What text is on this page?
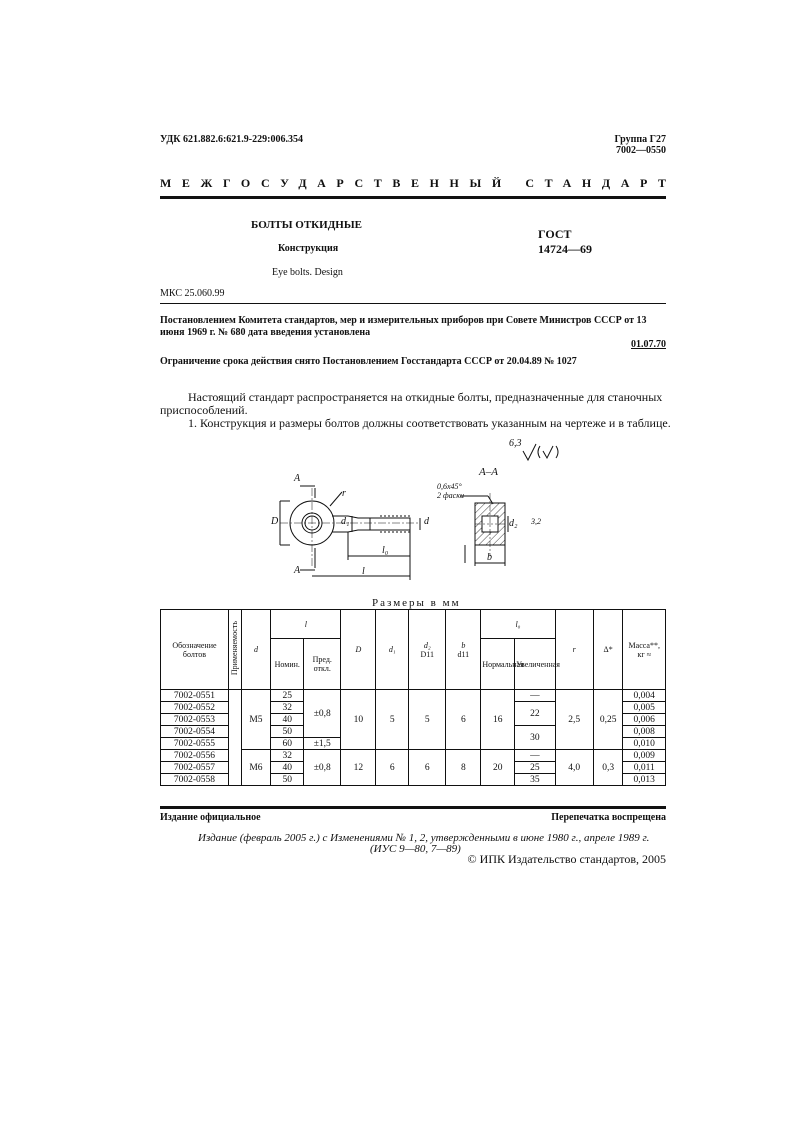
УДК 621.882.6:621.9-229:006.354	Группа Г27
7002—0550
МЕЖГОСУДАРСТВЕННЫЙ СТАНДАРТ
БОЛТЫ ОТКИДНЫЕ
Конструкция
Eye bolts. Design
ГОСТ
14724—69
МКС 25.060.99
Постановлением Комитета стандартов, мер и измерительных приборов при Совете Министров СССР от 13 июня 1969 г. № 680 дата введения установлена
01.07.70
Ограничение срока действия снято Постановлением Госстандарта СССР от 20.04.89 № 1027
Настоящий стандарт распространяется на откидные болты, предназначенные для станочных приспособлений.
1. Конструкция и размеры болтов должны соответствовать указанным на чертеже и в таблице.
6,3
А–А
0,6х45°
2 фаски
А
А
D	d₁	d
r
l₀
l
d₂
b
3,2
Размеры в мм
Обозначение болтов	Применяемость	d	l		D	d₁	d₂
D11	b
d11	l₀		r	Δ*	Масса**, кг ≈
			Номин.	Пред. откл.					Нормальная	Увеличенная			
7002-0551		M5	25	±0,8	10	5	5	6	16	—	2,5	0,25	0,004
7002-0552			32							22			0,005
7002-0553			40										0,006
7002-0554			50							30			0,008
7002-0555			60	±1,5									0,010
7002-0556		M6	32	±0,8	12	6	6	8	20	—	4,0	0,3	0,009
7002-0557			40							25			0,011
7002-0558			50							35			0,013
Издание официальное	Перепечатка воспрещена
Издание (февраль 2005 г.) с Изменениями № 1, 2, утвержденными в июне 1980 г., апреле 1989 г.
(ИУС 9—80, 7—89)
© ИПК Издательство стандартов, 2005
